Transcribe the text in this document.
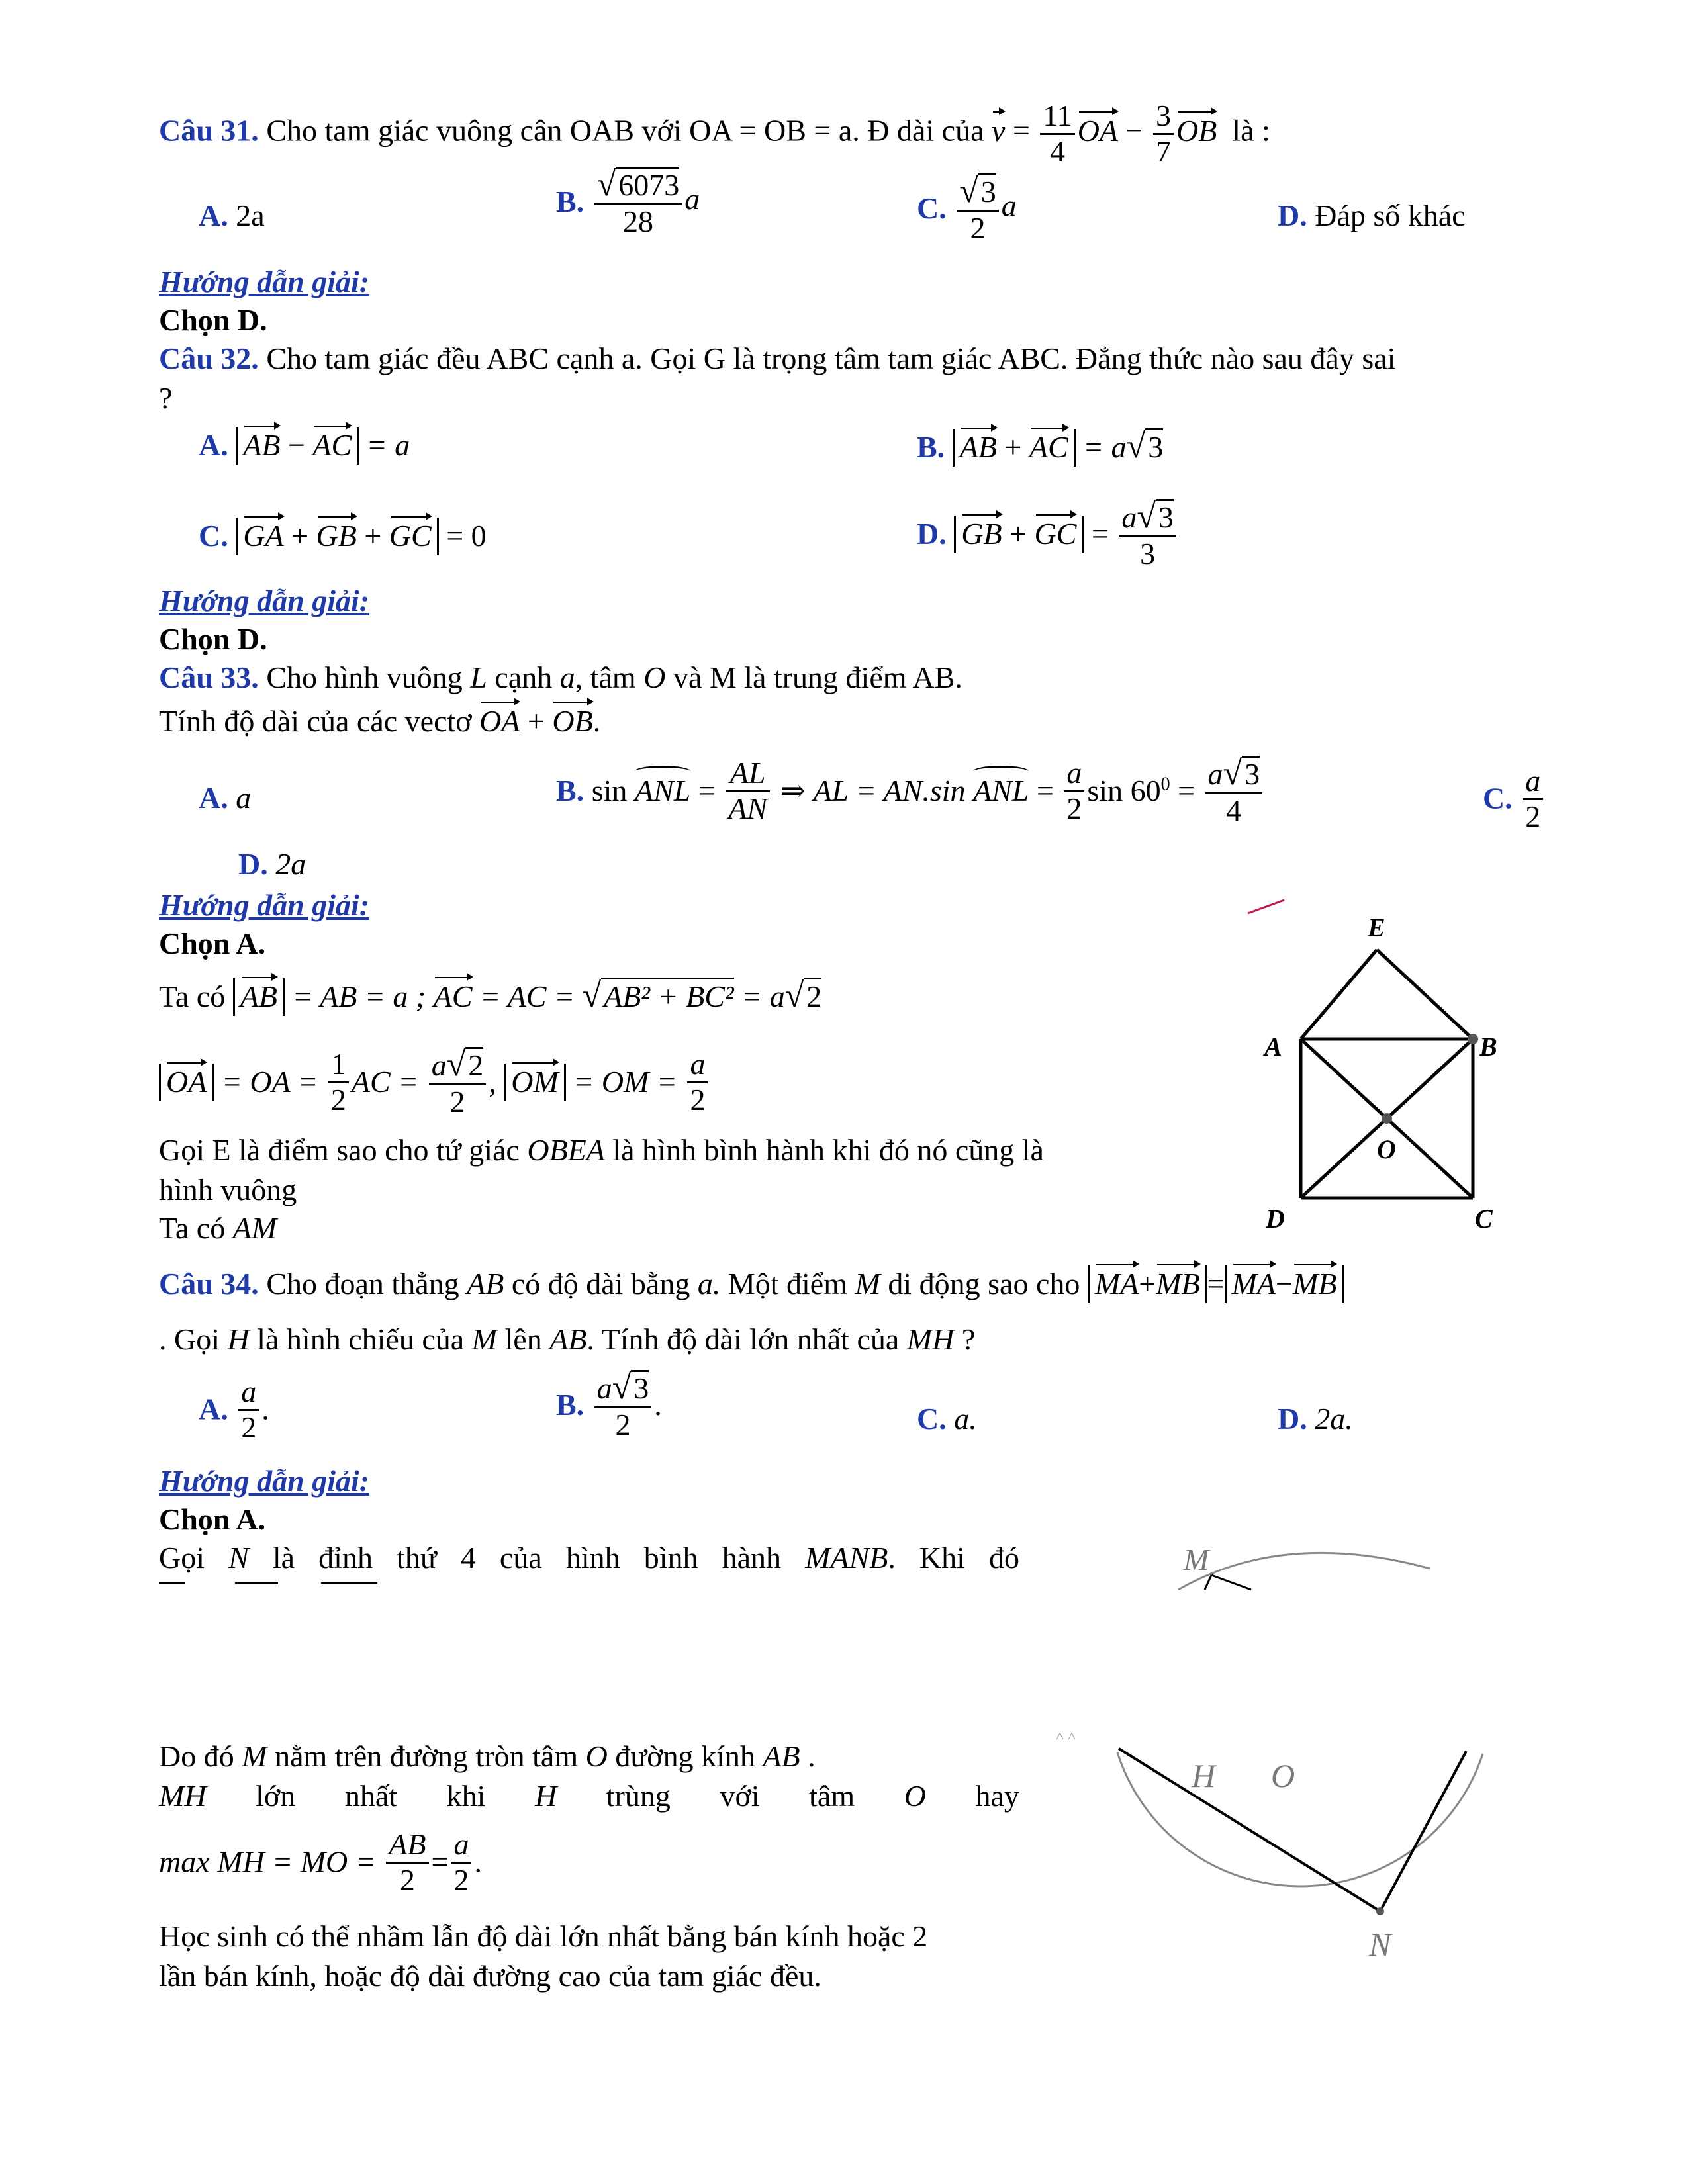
Câu 31. Cho tam giác vuông cân OAB với OA = OB = a. Đ dài của $v = \frac{11}{4}$ OA − $\frac{3}{7}$ OB là :
A. 2a	B. $\frac{√6073}{28}$ a	C. $\frac{√3}{2}$ a	D. Đáp số khác
Hướng dẫn giải:
Chọn D.
Câu 32. Cho tam giác đều ABC cạnh a. Gọi G là trọng tâm tam giác ABC. Đẳng thức nào sau đây sai
?
A. AB − AC = a	B. AB + AC = a√3
C. GA + GB + GC = 0	D. GB + GC = $\frac{a√3}{3}$
Hướng dẫn giải:
Chọn D.
Câu 33. Cho hình vuông L cạnh a, tâm O và M là trung điểm AB.
Tính độ dài của các vectơ OA + OB.
A. a	B. sin ANL = $\frac{AL}{AN}$ ⇒ AL = AN.sin ANL = $\frac{a}{2}$ $\sin 60^0 = \frac{a√3}{4}$	C. $\frac{a}{2}$
D. 2a
Hướng dẫn giải:
Chọn A.
Ta có AB = AB = a ; AC = AC = √AB² + BC² = a√2
OA = OA = $\frac{1}{2}$ AC = $\frac{a√2}{2}$ , OM = OM = $\frac{a}{2}$
Gọi E là điểm sao cho tứ giác OBEA là hình bình hành khi đó nó cũng là
hình vuông
Ta có AM
E
A	B
O
D	C
Câu 34. Cho đoạn thẳng AB có độ dài bằng a. Một điểm M di động sao cho MA+MB = MA−MB
. Gọi H là hình chiếu của M lên AB. Tính độ dài lớn nhất của MH ?
A. $\frac{a}{2}$ .	B. $\frac{a√3}{2}$ .	C. a.	D. 2a.
Hướng dẫn giải:
Chọn A.
Gọi N là đỉnh thứ 4 của hình bình hành MANB. Khi đó	M
Do đó M nằm trên đường tròn tâm O đường kính AB .
MH lớn nhất khi H trùng với tâm O hay
max MH = MO = $\frac{AB}{2} = \frac{a}{2}$ .
Học sinh có thể nhầm lẫn độ dài lớn nhất bằng bán kính hoặc 2
lần bán kính, hoặc độ dài đường cao của tam giác đều.
˄ ˄
H O
N
